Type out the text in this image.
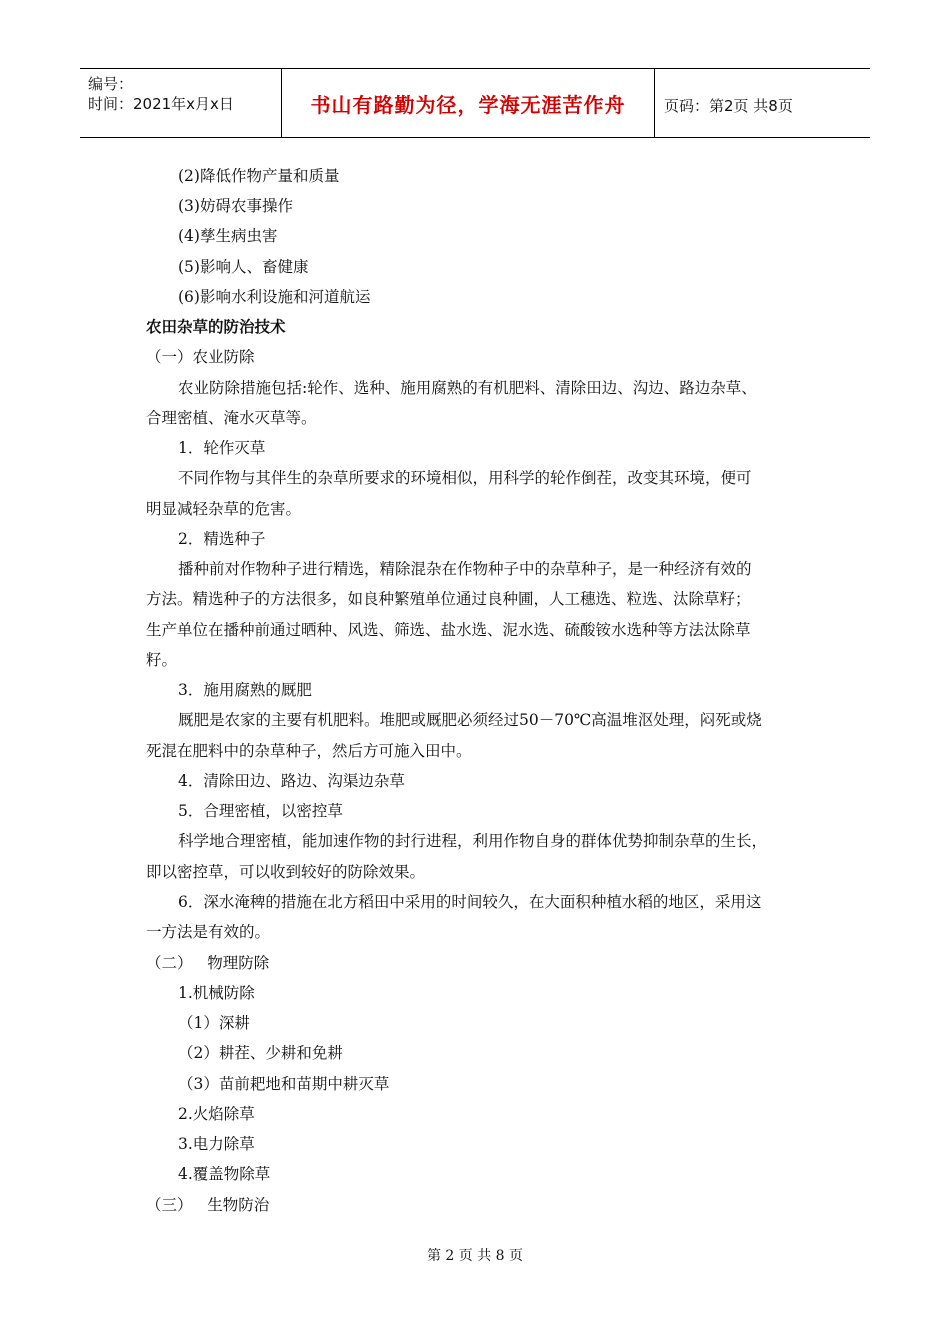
编号：
时间：2021年x月x日	书山有路勤为径，学海无涯苦作舟	页码：第2页 共8页
(2)降低作物产量和质量
(3)妨碍农事操作
(4)孳生病虫害
(5)影响人、畜健康
(6)影响水利设施和河道航运
农田杂草的防治技术
（一）农业防除
农业防除措施包括:轮作、选种、施用腐熟的有机肥料、清除田边、沟边、路边杂草、
合理密植、淹水灭草等。
1．轮作灭草
不同作物与其伴生的杂草所要求的环境相似，用科学的轮作倒茬，改变其环境，便可
明显减轻杂草的危害。
2．精选种子
播种前对作物种子进行精选，精除混杂在作物种子中的杂草种子，是一种经济有效的
方法。精选种子的方法很多，如良种繁殖单位通过良种圃，人工穗选、粒选、汰除草籽；
生产单位在播种前通过晒种、风选、筛选、盐水选、泥水选、硫酸铵水选种等方法汰除草
籽。
3．施用腐熟的厩肥
厩肥是农家的主要有机肥料。堆肥或厩肥必须经过50－70℃高温堆沤处理，闷死或烧
死混在肥料中的杂草种子，然后方可施入田中。
4．清除田边、路边、沟渠边杂草
5．合理密植，以密控草
科学地合理密植，能加速作物的封行进程，利用作物自身的群体优势抑制杂草的生长，
即以密控草，可以收到较好的防除效果。
6．深水淹稗的措施在北方稻田中采用的时间较久，在大面积种植水稻的地区，采用这
一方法是有效的。
（二）   物理防除
1.机械防除
（1）深耕
（2）耕茬、少耕和免耕
（3）苗前耙地和苗期中耕灭草
2.火焰除草
3.电力除草
4.覆盖物除草
（三）   生物防治
第 2 页 共 8 页
